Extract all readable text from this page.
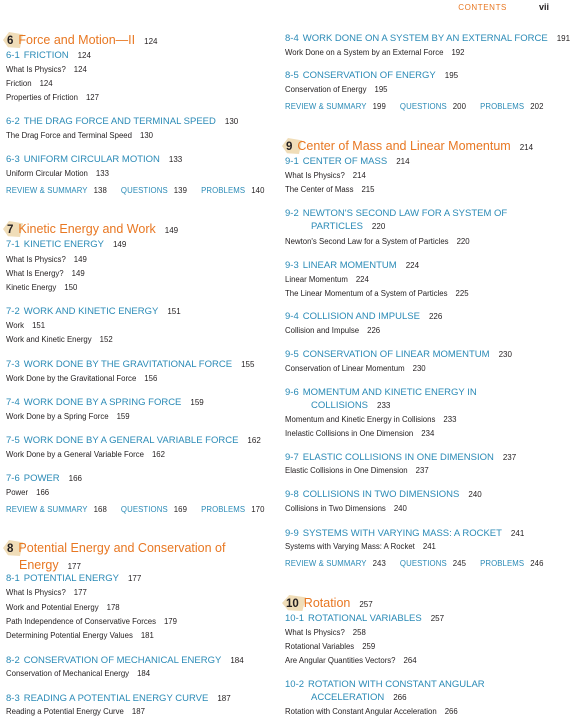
CONTENTS	vii
6 Force and Motion—II 124
6-1 FRICTION 124
What Is Physics? 124
Friction 124
Properties of Friction 127
6-2 THE DRAG FORCE AND TERMINAL SPEED 130
The Drag Force and Terminal Speed 130
6-3 UNIFORM CIRCULAR MOTION 133
Uniform Circular Motion 133
REVIEW & SUMMARY 138 QUESTIONS 139 PROBLEMS 140
7 Kinetic Energy and Work 149
7-1 KINETIC ENERGY 149
What Is Physics? 149
What Is Energy? 149
Kinetic Energy 150
7-2 WORK AND KINETIC ENERGY 151
Work 151
Work and Kinetic Energy 152
7-3 WORK DONE BY THE GRAVITATIONAL FORCE 155
Work Done by the Gravitational Force 156
7-4 WORK DONE BY A SPRING FORCE 159
Work Done by a Spring Force 159
7-5 WORK DONE BY A GENERAL VARIABLE FORCE 162
Work Done by a General Variable Force 162
7-6 POWER 166
Power 166
REVIEW & SUMMARY 168 QUESTIONS 169 PROBLEMS 170
8 Potential Energy and Conservation of
Energy 177
8-1 POTENTIAL ENERGY 177
What Is Physics? 177
Work and Potential Energy 178
Path Independence of Conservative Forces 179
Determining Potential Energy Values 181
8-2 CONSERVATION OF MECHANICAL ENERGY 184
Conservation of Mechanical Energy 184
8-3 READING A POTENTIAL ENERGY CURVE 187
Reading a Potential Energy Curve 187
8-4 WORK DONE ON A SYSTEM BY AN EXTERNAL FORCE 191
Work Done on a System by an External Force 192
8-5 CONSERVATION OF ENERGY 195
Conservation of Energy 195
REVIEW & SUMMARY 199 QUESTIONS 200 PROBLEMS 202
9 Center of Mass and Linear Momentum 214
9-1 CENTER OF MASS 214
What Is Physics? 214
The Center of Mass 215
9-2 NEWTON'S SECOND LAW FOR A SYSTEM OF
PARTICLES 220
Newton's Second Law for a System of Particles 220
9-3 LINEAR MOMENTUM 224
Linear Momentum 224
The Linear Momentum of a System of Particles 225
9-4 COLLISION AND IMPULSE 226
Collision and Impulse 226
9-5 CONSERVATION OF LINEAR MOMENTUM 230
Conservation of Linear Momentum 230
9-6 MOMENTUM AND KINETIC ENERGY IN
COLLISIONS 233
Momentum and Kinetic Energy in Collisions 233
Inelastic Collisions in One Dimension 234
9-7 ELASTIC COLLISIONS IN ONE DIMENSION 237
Elastic Collisions in One Dimension 237
9-8 COLLISIONS IN TWO DIMENSIONS 240
Collisions in Two Dimensions 240
9-9 SYSTEMS WITH VARYING MASS: A ROCKET 241
Systems with Varying Mass: A Rocket 241
REVIEW & SUMMARY 243 QUESTIONS 245 PROBLEMS 246
10 Rotation 257
10-1 ROTATIONAL VARIABLES 257
What Is Physics? 258
Rotational Variables 259
Are Angular Quantities Vectors? 264
10-2 ROTATION WITH CONSTANT ANGULAR
ACCELERATION 266
Rotation with Constant Angular Acceleration 266
